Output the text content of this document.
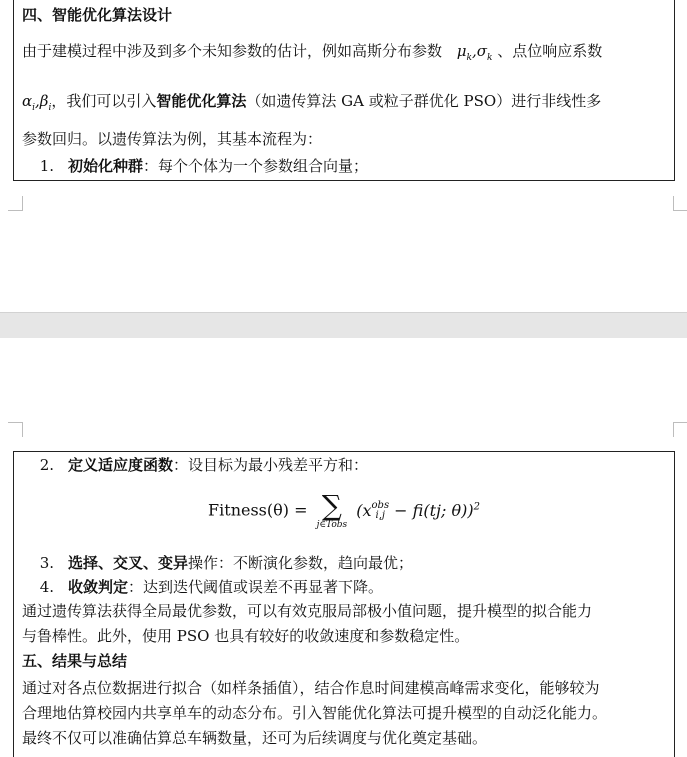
四、智能优化算法设计
由于建模过程中涉及到多个未知参数的估计，例如高斯分布参数 $\mu_k,\sigma_k$ 、点位响应系数
$\alpha_i,\beta_i$，我们可以引入智能优化算法（如遗传算法 GA 或粒子群优化 PSO）进行非线性多
参数回归。以遗传算法为例，其基本流程为：
1. 初始化种群：每个个体为一个参数组合向量；
2. 定义适应度函数：设目标为最小残差平方和：
Fitness(θ) = ∑
j∈Tobs
(x obs
i,j − fi(tj; θ))$^2$
3. 选择、交叉、变异操作：不断演化参数，趋向最优；
4. 收敛判定：达到迭代阈值或误差不再显著下降。
通过遗传算法获得全局最优参数，可以有效克服局部极小值问题，提升模型的拟合能力
与鲁棒性。此外，使用 PSO 也具有较好的收敛速度和参数稳定性。
五、结果与总结
通过对各点位数据进行拟合（如样条插值），结合作息时间建模高峰需求变化，能够较为
合理地估算校园内共享单车的动态分布。引入智能优化算法可提升模型的自动泛化能力。
最终不仅可以准确估算总车辆数量，还可为后续调度与优化奠定基础。
